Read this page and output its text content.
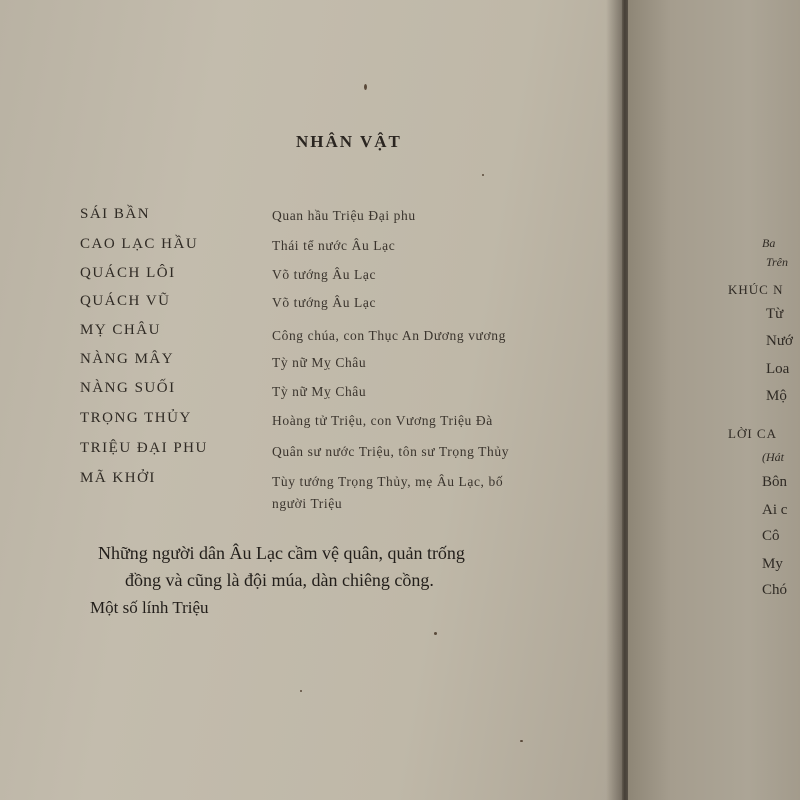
NHÂN VẬT
SÁI BẦN	Quan hầu Triệu Đại phu
CAO LẠC HẦU	Thái tể nước Âu Lạc
QUÁCH LÔI	Võ tướng Âu Lạc
QUÁCH VŨ	Võ tướng Âu Lạc
MỴ CHÂU	Công chúa, con Thục An Dương vương
NÀNG MÂY	Tỳ nữ Mỵ Châu
NÀNG SUỐI	Tỳ nữ Mỵ Châu
TRỌNG THỦY	Hoàng tử Triệu, con Vương Triệu Đà
TRIỆU ĐẠI PHU	Quân sư nước Triệu, tôn sư Trọng Thủy
MÃ KHỞI	Tùy tướng Trọng Thủy, mẹ Âu Lạc, bố
người Triệu
Những người dân Âu Lạc cầm vệ quân, quản trống
đồng và cũng là đội múa, dàn chiêng cồng.
Một số lính Triệu
Ba
Trên
KHÚC N
Từ
Nướ
Loa
Mộ
LỜI CA
(Hát
Bôn
Ai c
Cô
My
Chó
